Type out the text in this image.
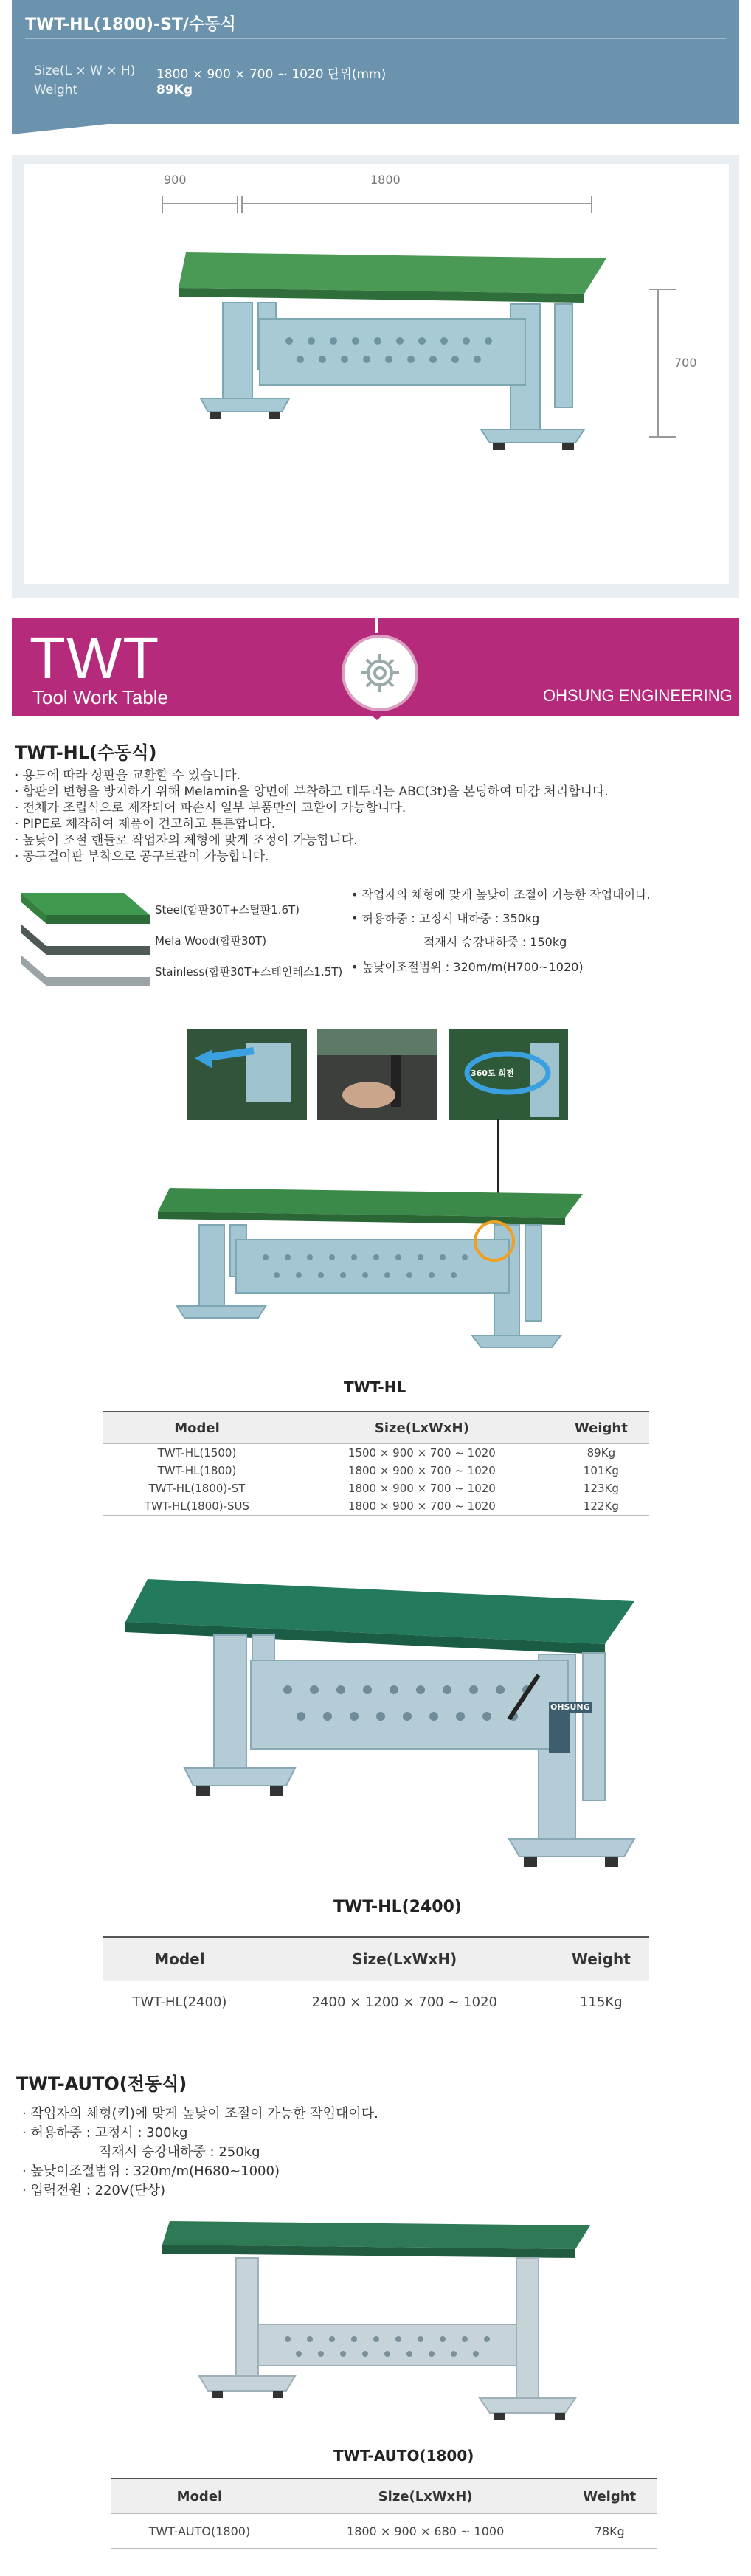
TWT-HL(1800)-ST/수동식
Size(L × W × H) 1800 × 900 × 700 ~ 1020 단위(mm)
Weight	89Kg
900	1800
700
TWT
Tool Work Table	OHSUNG ENGINEERING
TWT-HL(수동식)
· 용도에 따라 상판을 교환할 수 있습니다.
· 합판의 변형을 방지하기 위해 Melamin을 양면에 부착하고 테두리는 ABC(3t)을 본딩하여 마감 처리합니다.
· 전체가 조립식으로 제작되어 파손시 일부 부품만의 교환이 가능합니다.
· PIPE로 제작하여 제품이 견고하고 튼튼합니다.
· 높낮이 조절 핸들로 작업자의 체형에 맞게 조정이 가능합니다.
· 공구걸이판 부착으로 공구보관이 가능합니다.
Steel(합판30T+스틸판1.6T)
Mela Wood(합판30T)
Stainless(합판30T+스테인레스1.5T)
• 작업자의 체형에 맞게 높낮이 조절이 가능한 작업대이다.
• 허용하중 : 고정시 내하중 : 350kg
적재시 승강내하중 : 150kg
• 높낮이조절범위 : 320m/m(H700~1020)
360도 회전
TWT-HL
Model	Size(LxWxH)	Weight
TWT-HL(1500)	1500 × 900 × 700 ~ 1020	89Kg
TWT-HL(1800)	1800 × 900 × 700 ~ 1020	101Kg
TWT-HL(1800)-ST	1800 × 900 × 700 ~ 1020	123Kg
TWT-HL(1800)-SUS	1800 × 900 × 700 ~ 1020	122Kg
OHSUNG
TWT-HL(2400)
Model	Size(LxWxH)	Weight
TWT-HL(2400)	2400 × 1200 × 700 ~ 1020	115Kg
TWT-AUTO(전동식)
· 작업자의 체형(키)에 맞게 높낮이 조절이 가능한 작업대이다.
· 허용하중 : 고정시 : 300kg
적재시 승강내하중 : 250kg
· 높낮이조절범위 : 320m/m(H680~1000)
· 입력전원 : 220V(단상)
TWT-AUTO(1800)
Model	Size(LxWxH)	Weight
TWT-AUTO(1800)	1800 × 900 × 680 ~ 1000	78Kg
